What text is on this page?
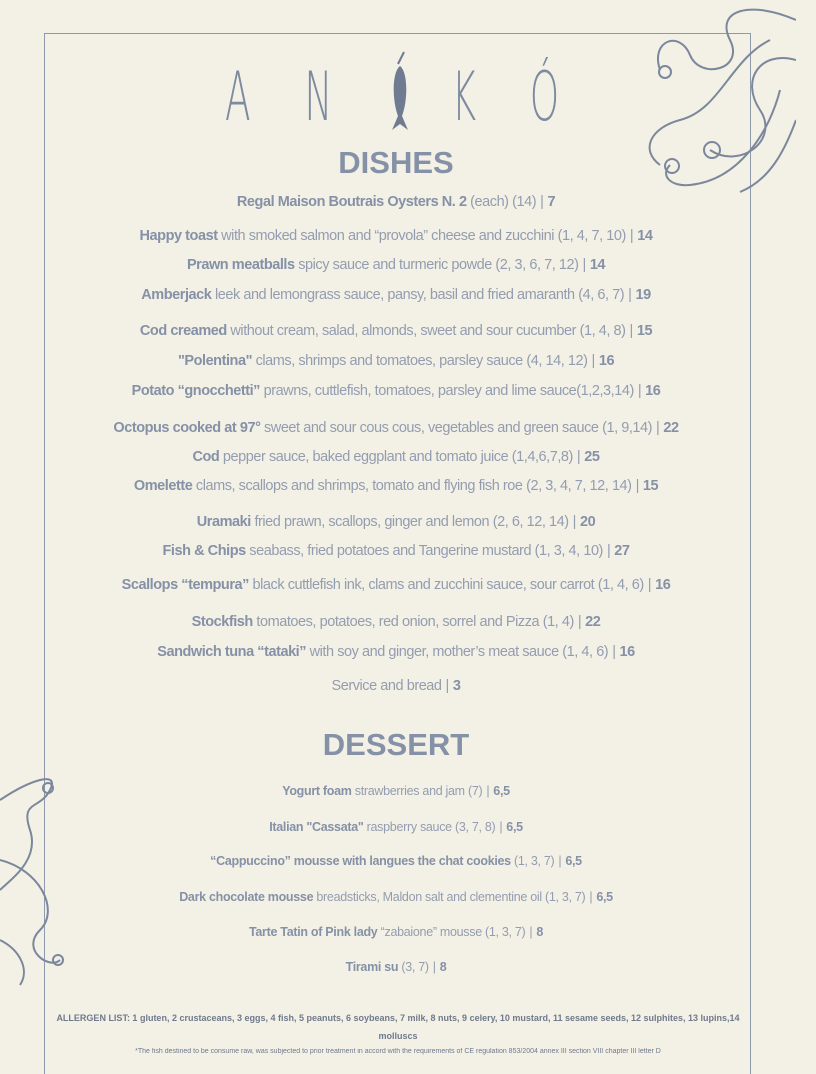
A N K Ó
DISHES
Regal Maison Boutrais Oysters N. 2 (each) (14) | 7
Happy toast with smoked salmon and “provola” cheese and zucchini (1, 4, 7, 10) | 14
Prawn meatballs spicy sauce and turmeric powde (2, 3, 6, 7, 12) | 14
Amberjack leek and lemongrass sauce, pansy, basil and fried amaranth (4, 6, 7) | 19
Cod creamed without cream, salad, almonds, sweet and sour cucumber (1, 4, 8) | 15
"Polentina" clams, shrimps and tomatoes, parsley sauce (4, 14, 12) | 16
Potato “gnocchetti” prawns, cuttlefish, tomatoes, parsley and lime sauce(1,2,3,14) | 16
Octopus cooked at 97° sweet and sour cous cous, vegetables and green sauce (1, 9,14) | 22
Cod pepper sauce, baked eggplant and tomato juice (1,4,6,7,8) | 25
Omelette clams, scallops and shrimps, tomato and flying fish roe (2, 3, 4, 7, 12, 14) | 15
Uramaki fried prawn, scallops, ginger and lemon (2, 6, 12, 14) | 20
Fish & Chips seabass, fried potatoes and Tangerine mustard (1, 3, 4, 10) | 27
Scallops “tempura” black cuttlefish ink, clams and zucchini sauce, sour carrot (1, 4, 6) | 16
Stockfish tomatoes, potatoes, red onion, sorrel and Pizza (1, 4) | 22
Sandwich tuna “tataki” with soy and ginger, mother’s meat sauce (1, 4, 6) | 16
Service and bread | 3
DESSERT
Yogurt foam strawberries and jam (7) | 6,5
Italian "Cassata" raspberry sauce (3, 7, 8) | 6,5
“Cappuccino” mousse with langues the chat cookies (1, 3, 7) | 6,5
Dark chocolate mousse breadsticks, Maldon salt and clementine oil (1, 3, 7) | 6,5
Tarte Tatin of Pink lady “zabaione” mousse (1, 3, 7) | 8
Tirami su (3, 7) | 8
ALLERGEN LIST: 1 gluten, 2 crustaceans, 3 eggs, 4 fish, 5 peanuts, 6 soybeans, 7 milk, 8 nuts, 9 celery, 10 mustard, 11 sesame seeds, 12 sulphites, 13 lupins,14 molluscs
*The fish destined to be consume raw, was subjected to prior treatment in accord with the requirements of CE regulation 853/2004 annex III section VIII chapter III letter D
